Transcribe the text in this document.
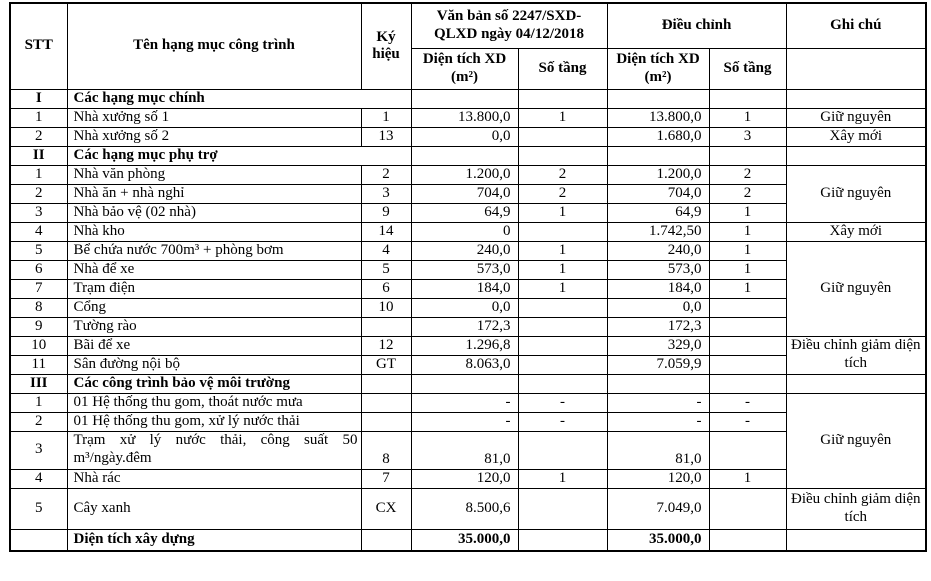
STT	Tên hạng mục công trình	Ký hiệu	Văn bản số 2247/SXD-QLXD ngày 04/12/2018		Điều chỉnh		Ghi chú
			Diện tích XD (m²)	Số tầng	Diện tích XD (m²)	Số tầng	
I	Các hạng mục chính						
1	Nhà xưởng số 1	1	13.800,0	1	13.800,0	1	Giữ nguyên
2	Nhà xưởng số 2	13	0,0		1.680,0	3	Xây mới
II	Các hạng mục phụ trợ						
1	Nhà văn phòng	2	1.200,0	2	1.200,0	2	Giữ nguyên
2	Nhà ăn + nhà nghỉ	3	704,0	2	704,0	2	
3	Nhà bảo vệ (02 nhà)	9	64,9	1	64,9	1	
4	Nhà kho	14	0		1.742,50	1	Xây mới
5	Bể chứa nước 700m³ + phòng bơm	4	240,0	1	240,0	1	Giữ nguyên
6	Nhà để xe	5	573,0	1	573,0	1	
7	Trạm điện	6	184,0	1	184,0	1	
8	Cổng	10	0,0		0,0		
9	Tường rào		172,3		172,3		
10	Bãi để xe	12	1.296,8		329,0		Điều chỉnh giảm diện tích
11	Sân đường nội bộ	GT	8.063,0		7.059,9		
III	Các công trình bảo vệ môi trường						
1	01 Hệ thống thu gom, thoát nước mưa		-	-	-	-	Giữ nguyên
2	01 Hệ thống thu gom, xử lý nước thải		-	-	-	-	
3	Trạm xử lý nước thải, công suất 50 m³/ngày.đêm	8	81,0		81,0		
4	Nhà rác	7	120,0	1	120,0	1	
5	Cây xanh	CX	8.500,6		7.049,0		Điều chỉnh giảm diện tích
	Diện tích xây dựng		35.000,0		35.000,0		
